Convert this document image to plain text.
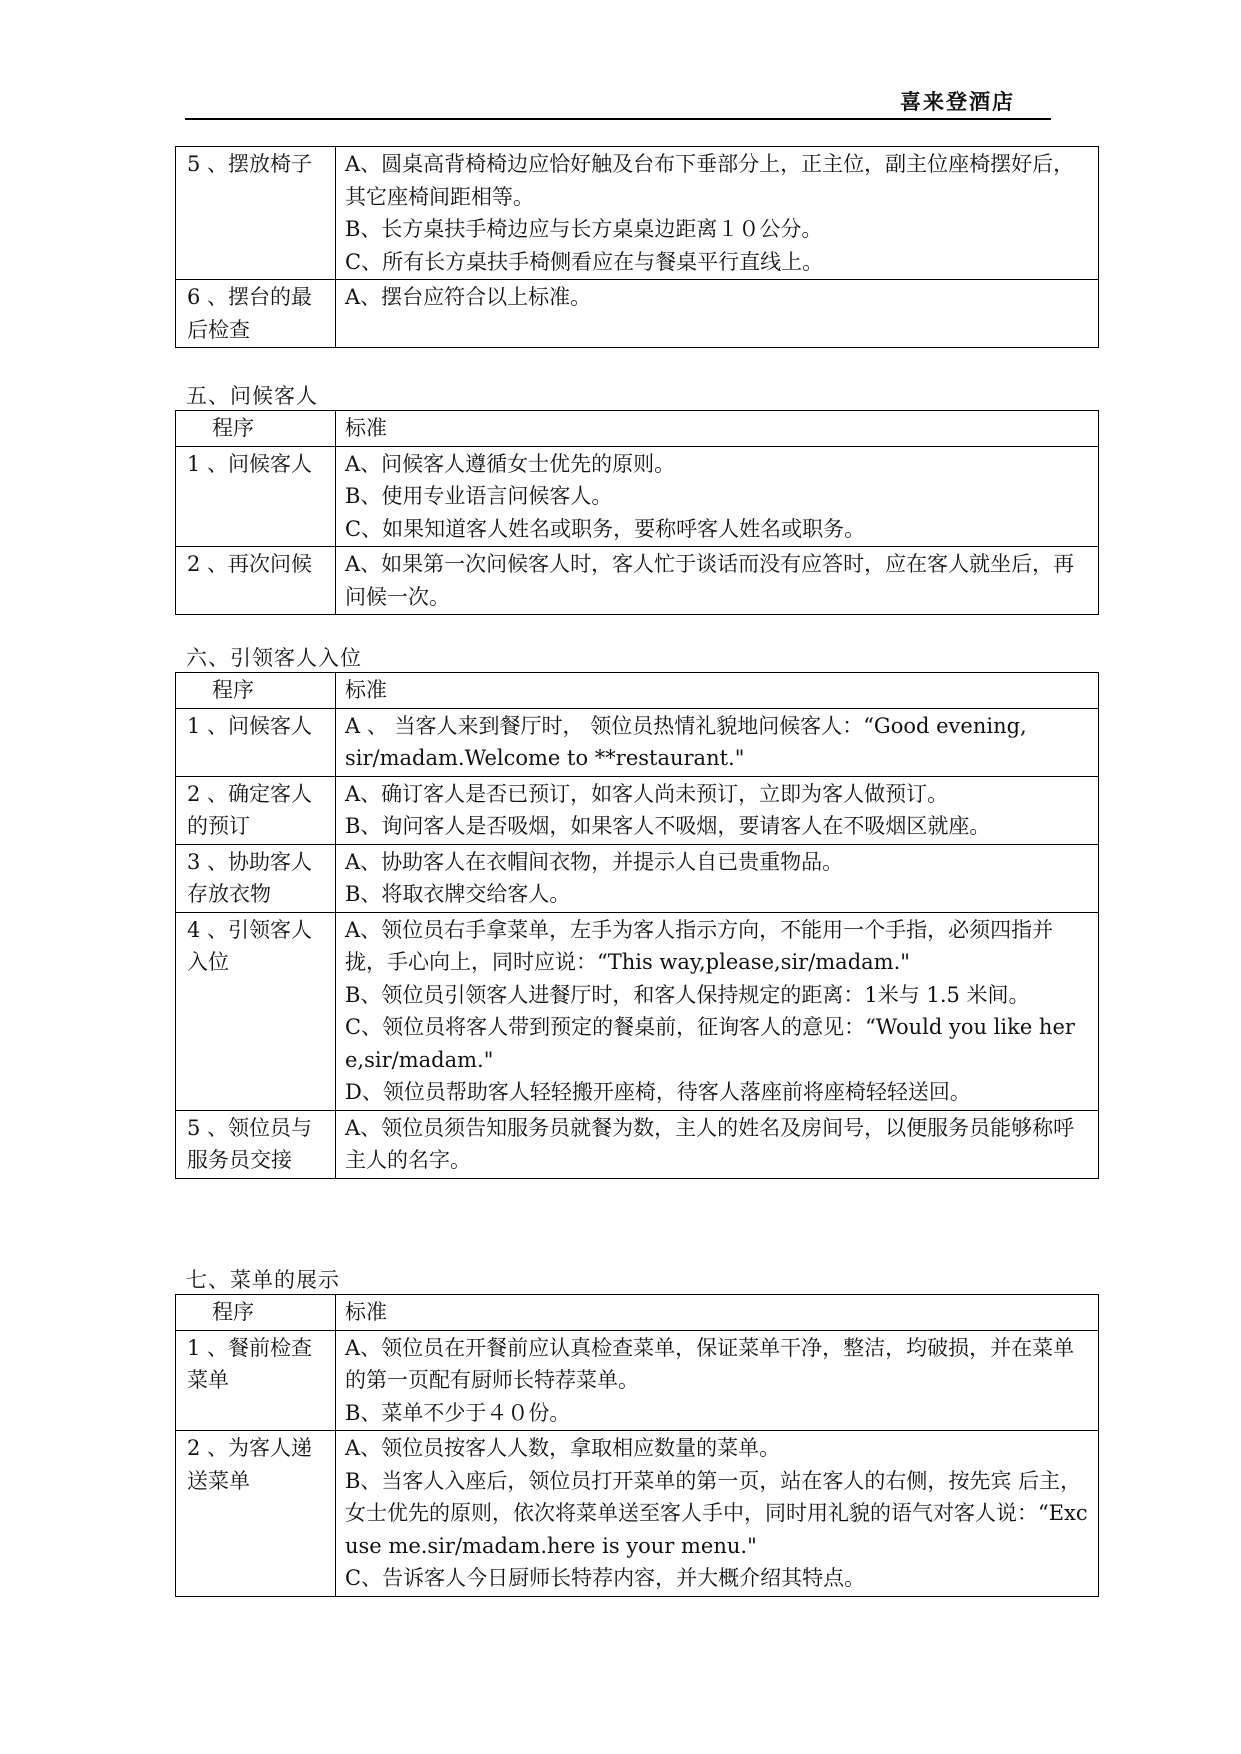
喜来登酒店
5 、摆放椅子	A、圆桌高背椅椅边应恰好触及台布下垂部分上，正主位，副主位座椅摆好后，其它座椅间距相等。
B、长方桌扶手椅边应与长方桌桌边距离１０公分。
C、所有长方桌扶手椅侧看应在与餐桌平行直线上。

6 、摆台的最后检查	A、摆台应符合以上标准。
五、问候客人
程序	标准
1 、问候客人	A、问候客人遵循女士优先的原则。
B、使用专业语言问候客人。
C、如果知道客人姓名或职务，要称呼客人姓名或职务。

2 、再次问候	A、如果第一次问候客人时，客人忙于谈话而没有应答时，应在客人就坐后，再问候一次。
六、引领客人入位
程序	标准
1 、问候客人	A 、 当客人来到餐厅时， 领位员热情礼貌地问候客人：“Good evening,
sir/madam.Welcome to **restaurant."

2 、确定客人的预订	A、确订客人是否已预订，如客人尚未预订，立即为客人做预订。
B、询问客人是否吸烟，如果客人不吸烟，要请客人在不吸烟区就座。

3 、协助客人存放衣物	A、协助客人在衣帽间衣物，并提示人自已贵重物品。
B、将取衣牌交给客人。

4 、引领客人入位	A、领位员右手拿菜单，左手为客人指示方向，不能用一个手指，必须四指并拢，手心向上，同时应说：“This way,please,sir/madam."
B、领位员引领客人进餐厅时，和客人保持规定的距离：1米与 1.5 米间。
C、领位员将客人带到预定的餐桌前，征询客人的意见：“Would you like here,sir/madam."
D、领位员帮助客人轻轻搬开座椅，待客人落座前将座椅轻轻送回。

5 、领位员与服务员交接	A、领位员须告知服务员就餐为数，主人的姓名及房间号，以便服务员能够称呼主人的名字。
七、菜单的展示
程序	标准
1 、餐前检查菜单	A、领位员在开餐前应认真检查菜单，保证菜单干净，整洁，均破损，并在菜单的第一页配有厨师长特荐菜单。
B、菜单不少于４０份。

2 、为客人递送菜单	A、领位员按客人人数，拿取相应数量的菜单。
B、当客人入座后，领位员打开菜单的第一页，站在客人的右侧，按先宾 后主，女士优先的原则，依次将菜单送至客人手中，同时用礼貌的语气对客人说：“Excuse me.sir/madam.here is your menu."
C、告诉客人今日厨师长特荐内容，并大概介绍其特点。
